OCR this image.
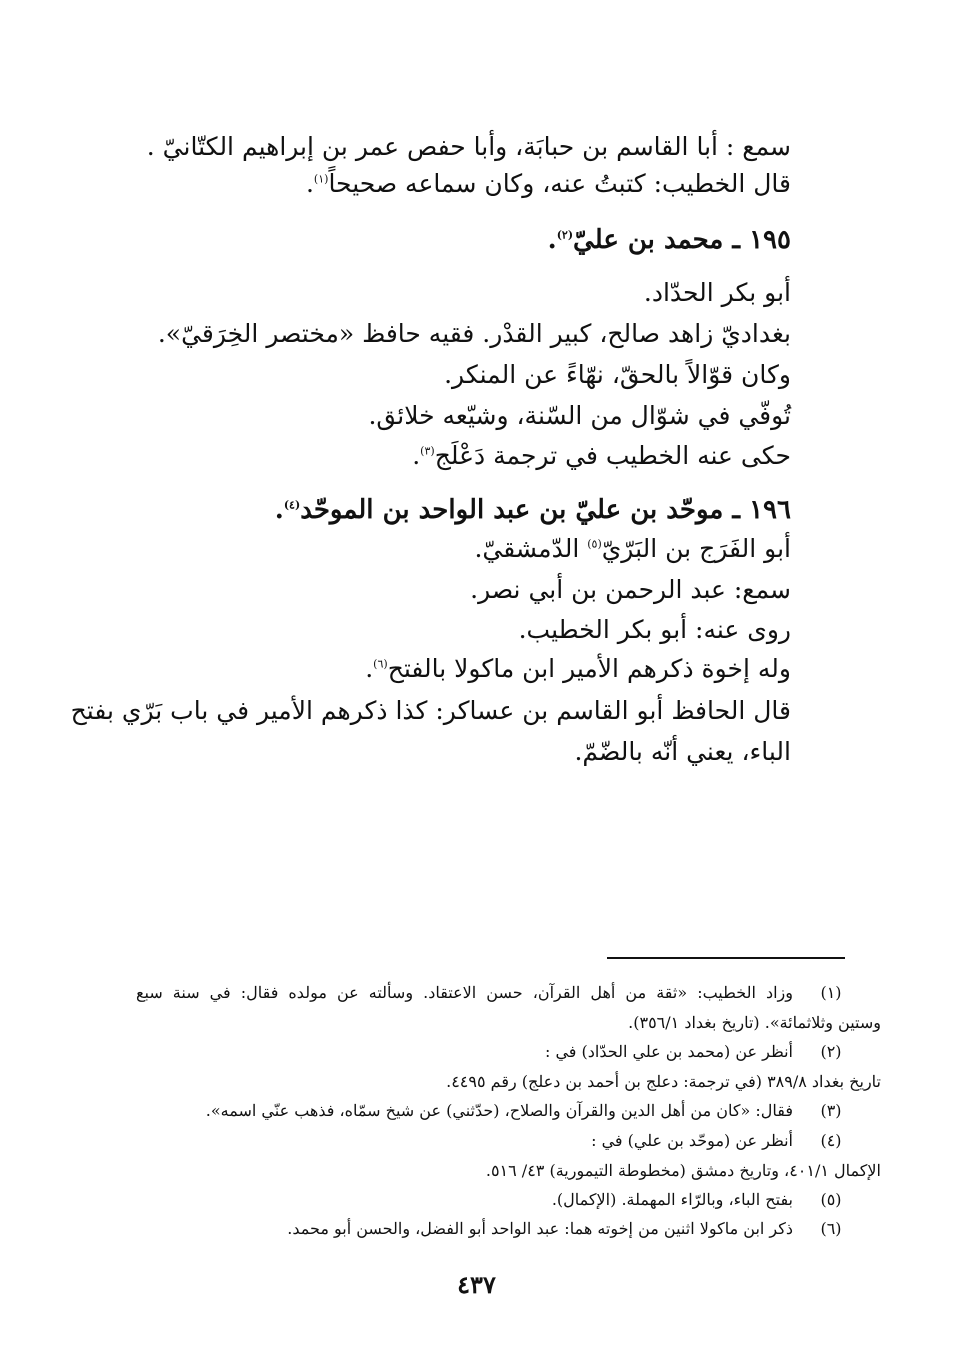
سمع : أبا القاسم بن حبابَة، وأبا حفص عمر بن إبراهيم الكتّانيّ .
قال الخطيب: كتبتُ عنه، وكان سماعه صحيحاً$^{(١)}$.
١٩٥ ـ محمد بن عليّ$^{(٢)}$.
أبو بكر الحدّاد.
بغداديّ زاهد صالح، كبير القدْر. فقيه حافظ «مختصر الخِرَقيّ».
وكان قوّالاً بالحقّ، نهّاءً عن المنكر.
تُوفّي في شوّال من السّنة، وشيّعه خلائق.
حكى عنه الخطيب في ترجمة دَعْلَج$^{(٣)}$.
١٩٦ ـ موحّد بن عليّ بن عبد الواحد بن الموحّد$^{(٤)}$.
أبو الفَرَج بن البَرّيّ$^{(٥)}$ الدّمشقيّ.
سمع: عبد الرحمن بن أبي نصر.
روى عنه: أبو بكر الخطيب.
وله إخوة ذكرهم الأمير ابن ماكولا بالفتح$^{(٦)}$.
قال الحافظ أبو القاسم بن عساكر: كذا ذكرهم الأمير في باب بَرّي بفتح
الباء، يعني أنّه بالضّمّ.
(١)
وزاد الخطيب: «ثقة من أهل القرآن، حسن الاعتقاد. وسألته عن مولده فقال: في سنة سبع
وستين وثلاثمائة». (تاريخ بغداد ٣٥٦/١).
(٢)
أنظر عن (محمد بن علي الحدّاد) في :
تاريخ بغداد ٣٨٩/٨ (في ترجمة: دعلج بن أحمد بن دعلج) رقم ٤٤٩٥.
(٣)
فقال: «كان من أهل الدين والقرآن والصلاح، (حدّثني) عن شيخ سمّاه، فذهب عنّي اسمه».
(٤)
أنظر عن (موحّد بن علي) في :
الإكمال ٤٠١/١، وتاريخ دمشق (مخطوطة التيمورية) ٤٣/ ٥١٦.
(٥)
بفتح الباء، وبالرّاء المهملة. (الإكمال).
(٦)
ذكر ابن ماكولا اثنين من إخوته هما: عبد الواحد أبو الفضل، والحسن أبو محمد.
٤٣٧
